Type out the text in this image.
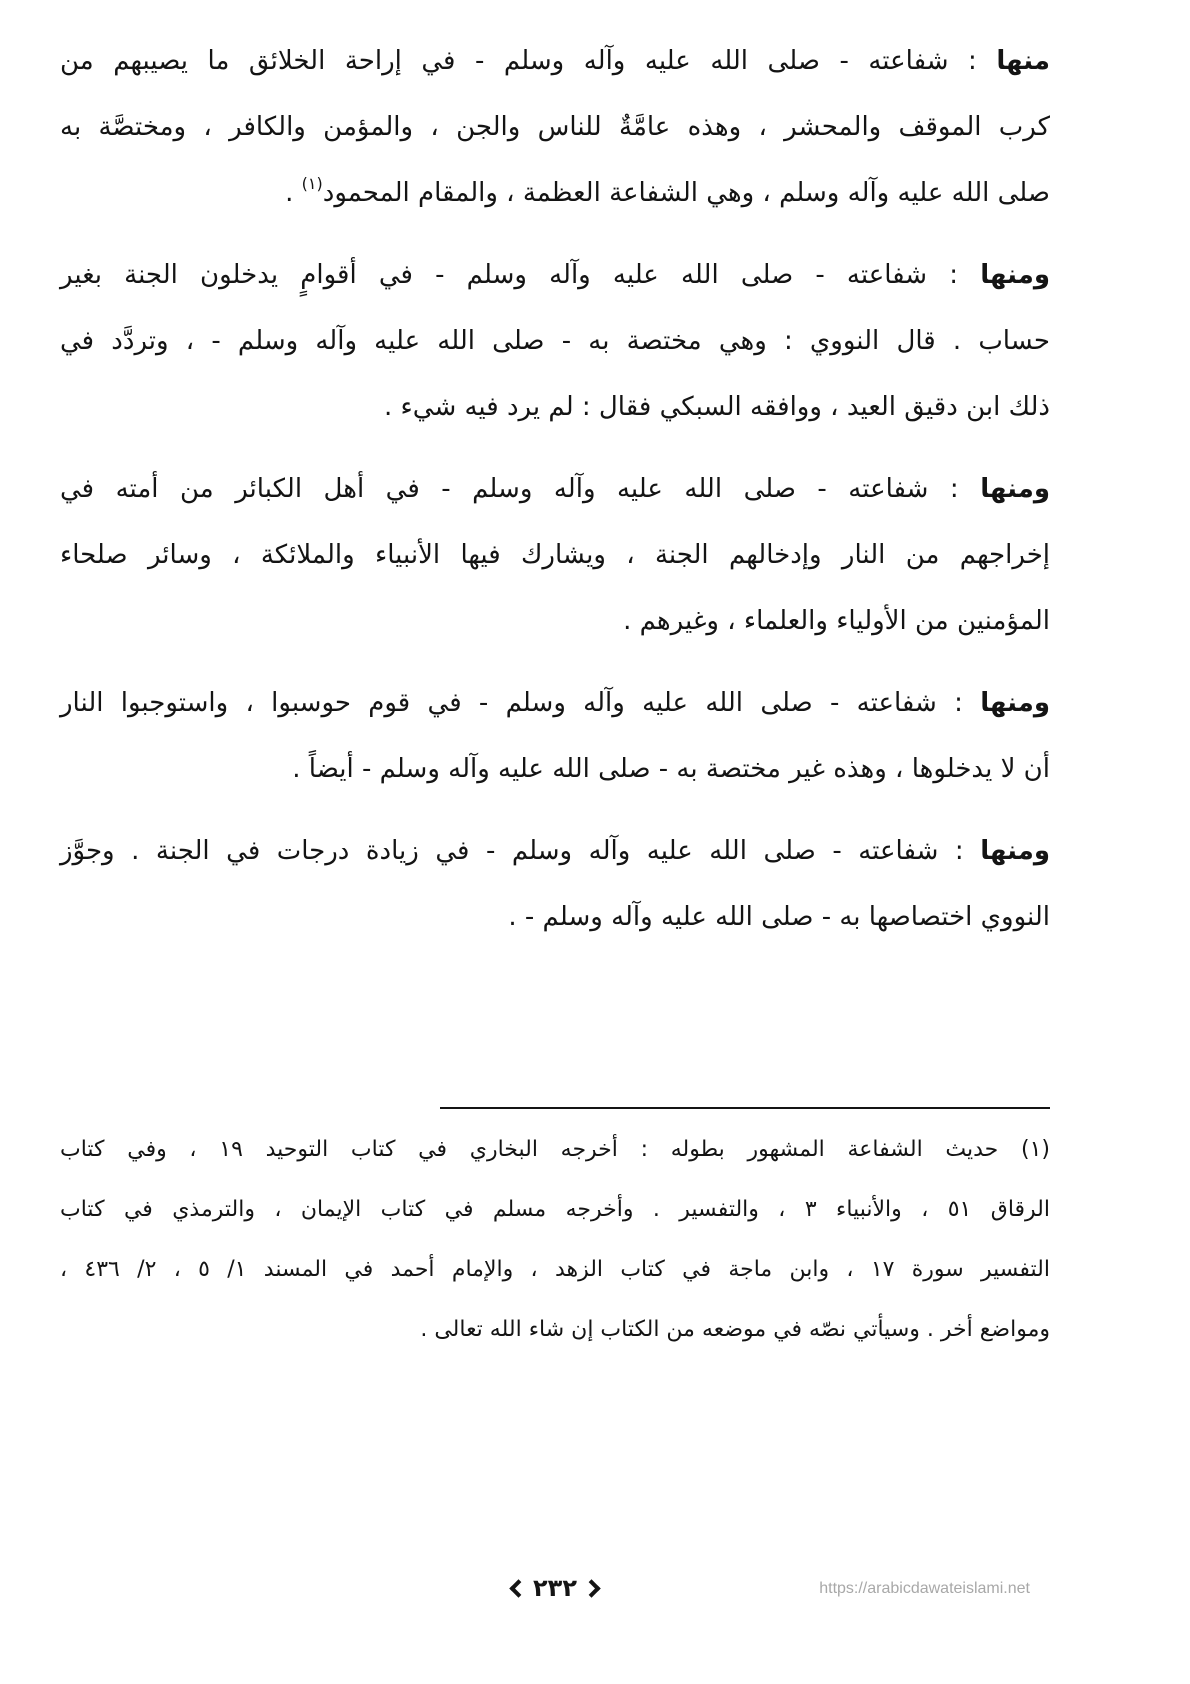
منها : شفاعته - صلى الله عليه وآله وسلم - في إراحة الخلائق ما يصيبهم من
كرب الموقف والمحشر ، وهذه عامَّةٌ للناس والجن ، والمؤمن والكافر ، ومختصَّة به
صلى الله عليه وآله وسلم ، وهي الشفاعة العظمة ، والمقام المحمود$^{(١)}$ .
ومنها : شفاعته - صلى الله عليه وآله وسلم - في أقوامٍ يدخلون الجنة بغير
حساب . قال النووي : وهي مختصة به - صلى الله عليه وآله وسلم - ، وتردَّد في
ذلك ابن دقيق العيد ، ووافقه السبكي فقال : لم يرد فيه شيء .
ومنها : شفاعته - صلى الله عليه وآله وسلم - في أهل الكبائر من أمته في
إخراجهم من النار وإدخالهم الجنة ، ويشارك فيها الأنبياء والملائكة ، وسائر صلحاء
المؤمنين من الأولياء والعلماء ، وغيرهم .
ومنها : شفاعته - صلى الله عليه وآله وسلم - في قوم حوسبوا ، واستوجبوا النار
أن لا يدخلوها ، وهذه غير مختصة به - صلى الله عليه وآله وسلم - أيضاً .
ومنها : شفاعته - صلى الله عليه وآله وسلم - في زيادة درجات في الجنة . وجوَّز
النووي اختصاصها به - صلى الله عليه وآله وسلم - .
(١) حديث الشفاعة المشهور بطوله : أخرجه البخاري في كتاب التوحيد ١٩ ، وفي كتاب
الرقاق ٥١ ، والأنبياء ٣ ، والتفسير . وأخرجه مسلم في كتاب الإيمان ، والترمذي في كتاب
التفسير سورة ١٧ ، وابن ماجة في كتاب الزهد ، والإمام أحمد في المسند ١/ ٥ ، ٢/ ٤٣٦ ،
ومواضع أخر . وسيأتي نصّه في موضعه من الكتاب إن شاء الله تعالى .
٢٣٢	https://arabicdawateislami.net
